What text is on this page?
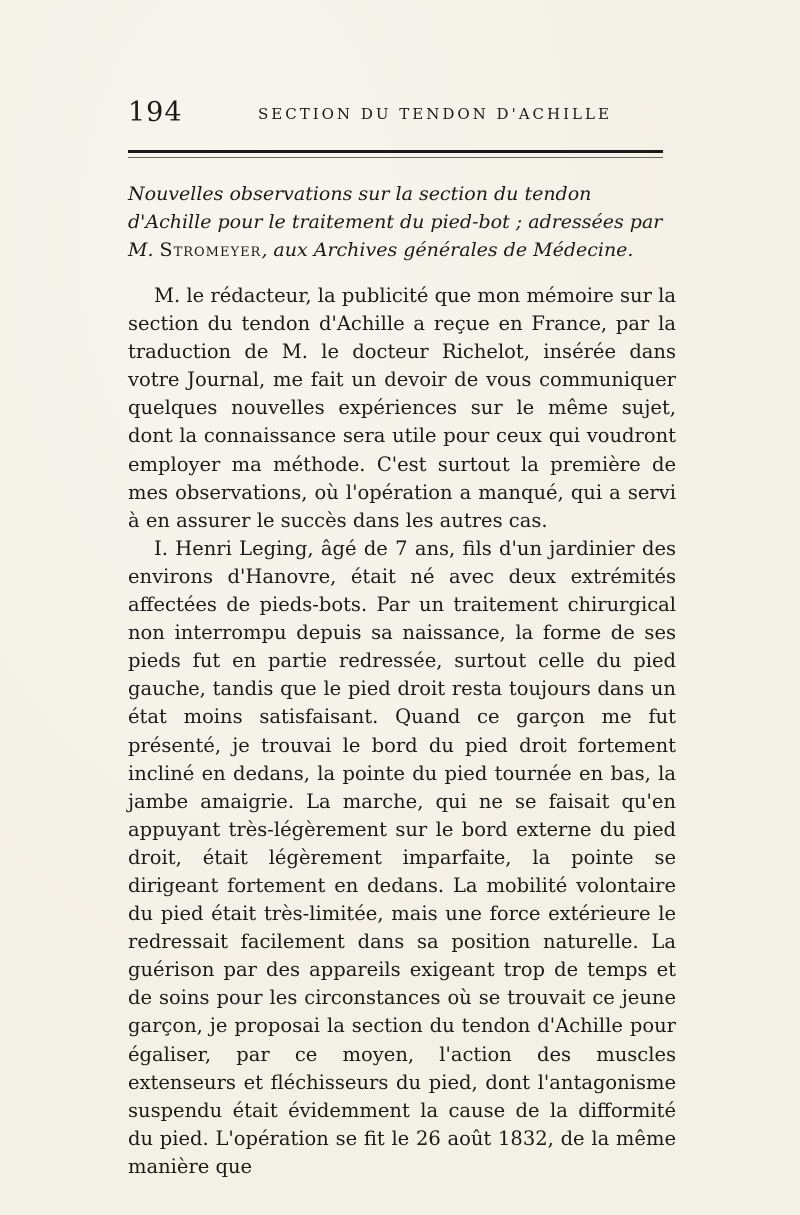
194	SECTION DU TENDON D'ACHILLE
Nouvelles observations sur la section du tendon d'Achille pour le traitement du pied-bot ; adressées par M. Stromeyer, aux Archives générales de Médecine.

M. le rédacteur, la publicité que mon mémoire sur la section du tendon d'Achille a reçue en France, par la traduction de M. le docteur Richelot, insérée dans votre Journal, me fait un devoir de vous communiquer quelques nouvelles expériences sur le même sujet, dont la connaissance sera utile pour ceux qui voudront employer ma méthode. C'est surtout la première de mes observations, où l'opération a manqué, qui a servi à en assurer le succès dans les autres cas.

I. Henri Leging, âgé de 7 ans, fils d'un jardinier des environs d'Hanovre, était né avec deux extrémités affectées de pieds-bots. Par un traitement chirurgical non interrompu depuis sa naissance, la forme de ses pieds fut en partie redressée, surtout celle du pied gauche, tandis que le pied droit resta toujours dans un état moins satisfaisant. Quand ce garçon me fut présenté, je trouvai le bord du pied droit fortement incliné en dedans, la pointe du pied tournée en bas, la jambe amaigrie. La marche, qui ne se faisait qu'en appuyant très-légèrement sur le bord externe du pied droit, était légèrement imparfaite, la pointe se dirigeant fortement en dedans. La mobilité volontaire du pied était très-limitée, mais une force extérieure le redressait facilement dans sa position naturelle. La guérison par des appareils exigeant trop de temps et de soins pour les circonstances où se trouvait ce jeune garçon, je proposai la section du tendon d'Achille pour égaliser, par ce moyen, l'action des muscles extenseurs et fléchisseurs du pied, dont l'antagonisme suspendu était évidemment la cause de la difformité du pied. L'opération se fit le 26 août 1832, de la même manière que
